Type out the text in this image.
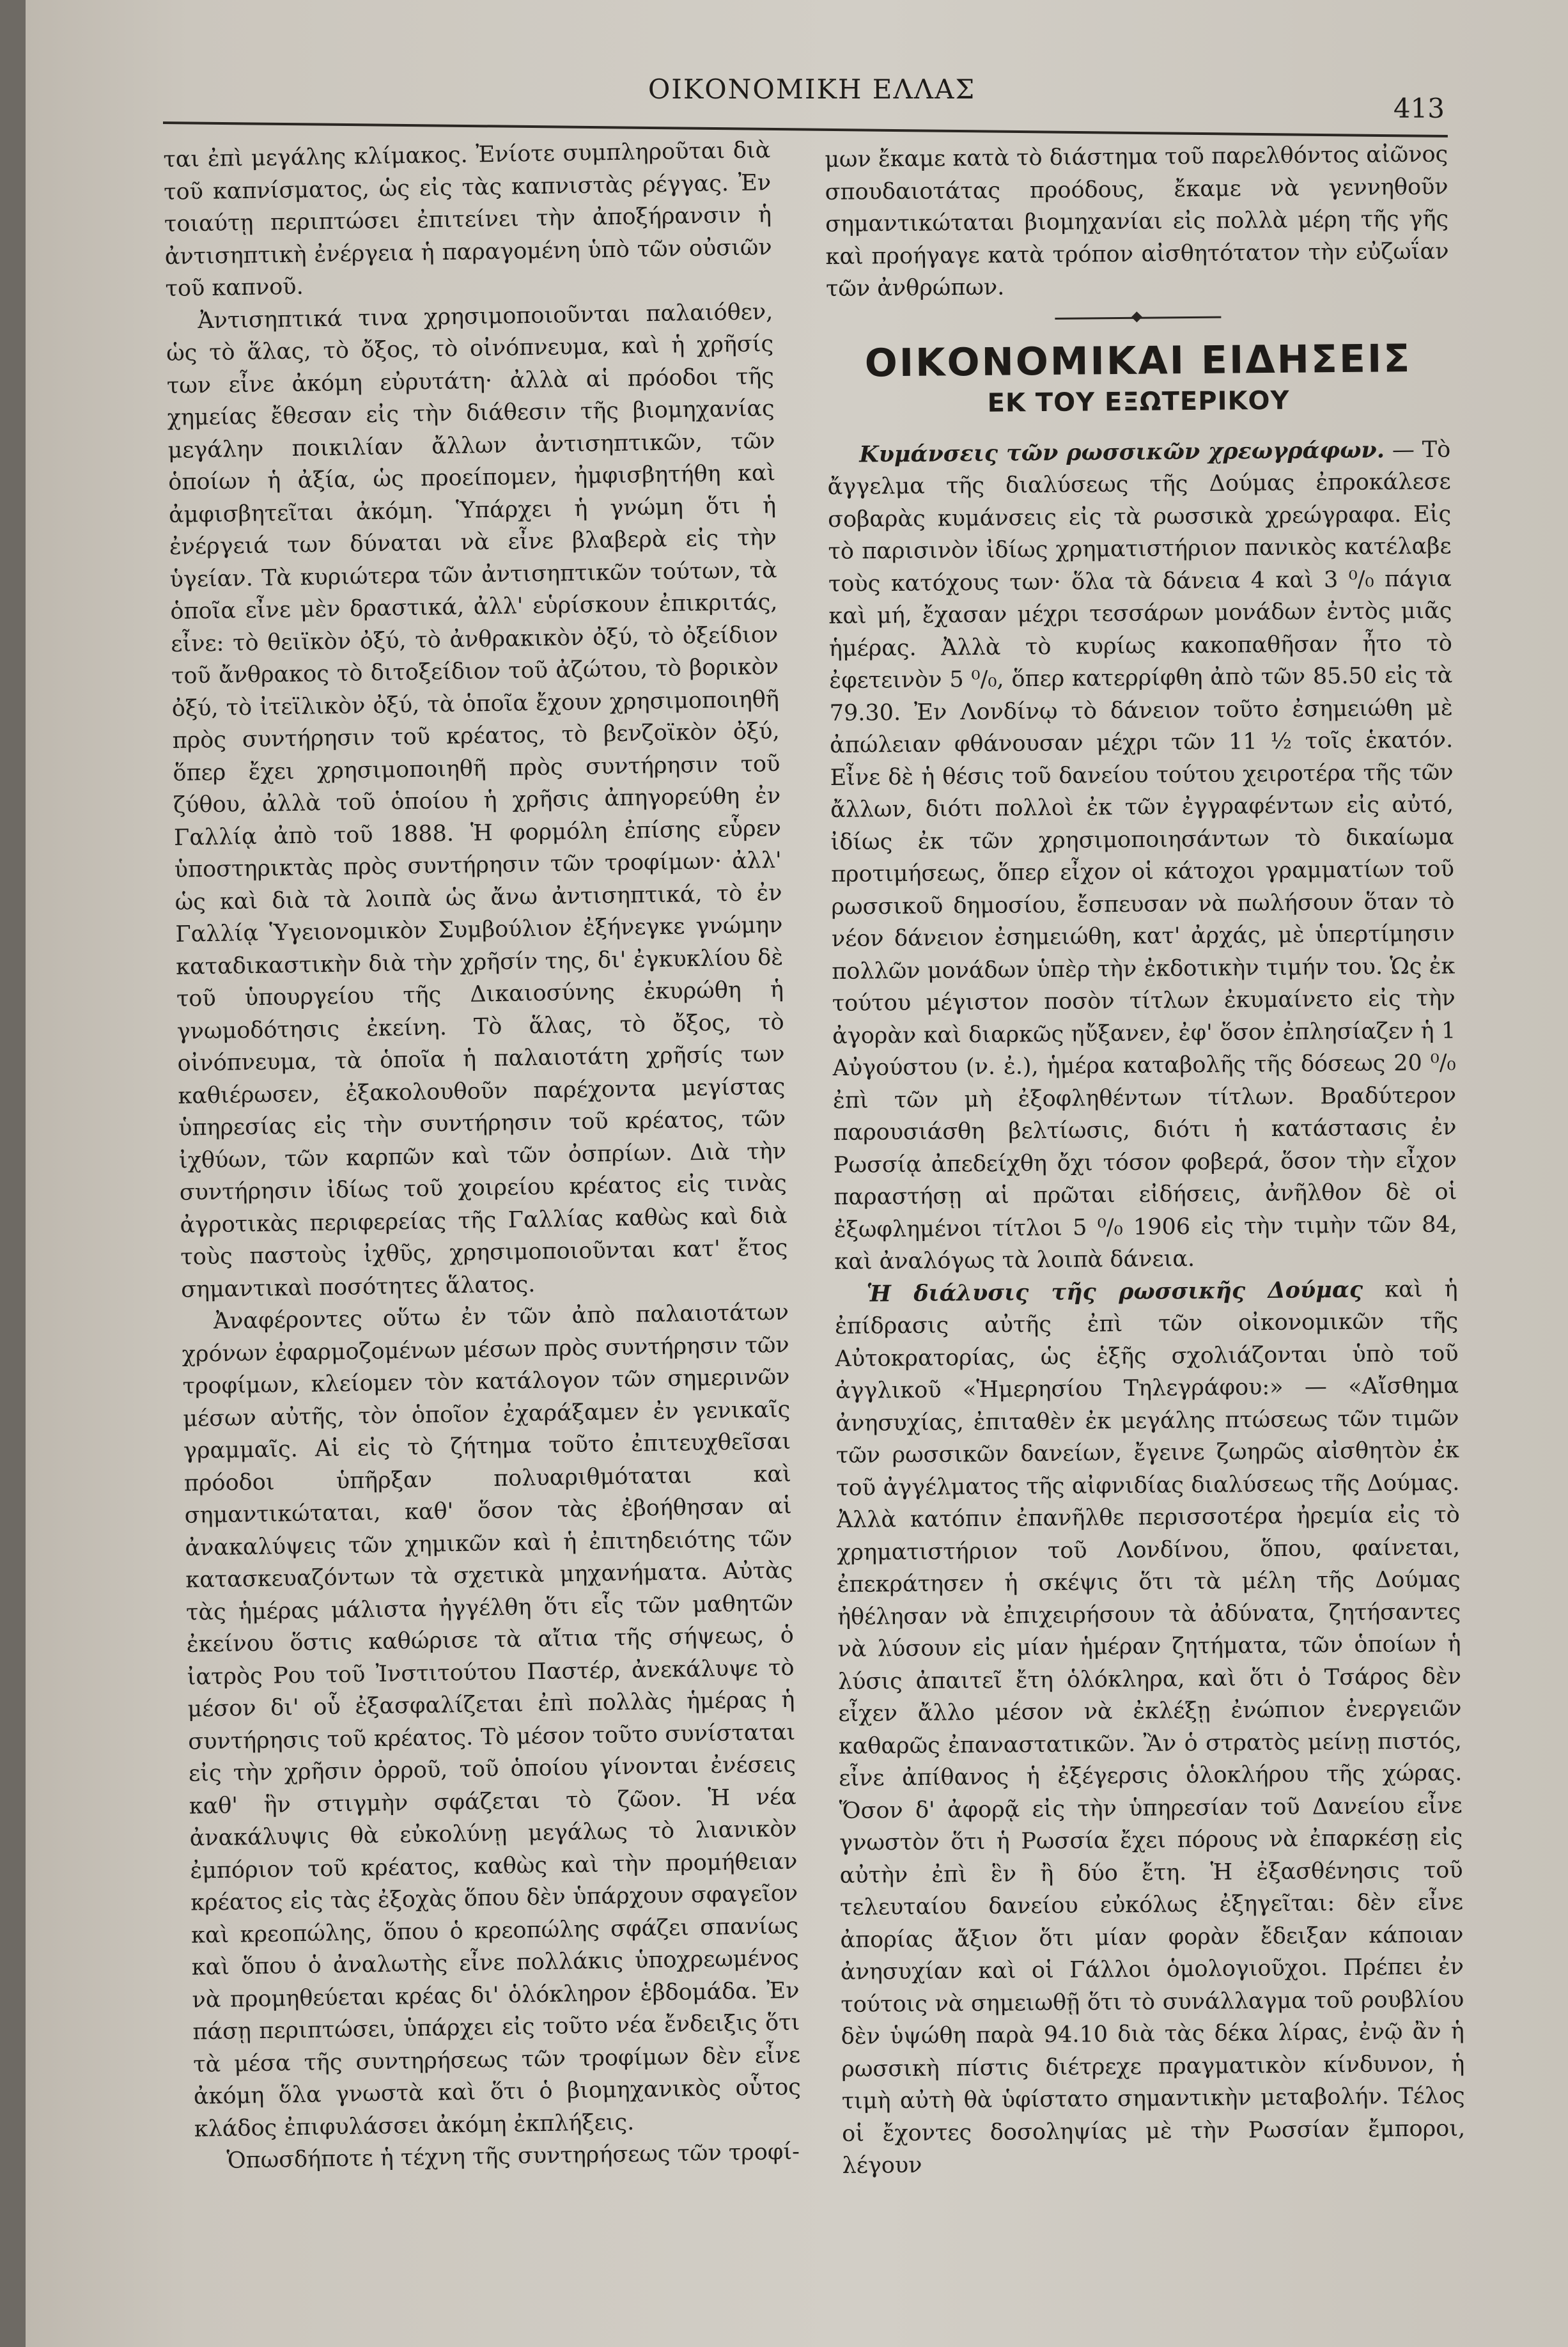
ΟΙΚΟΝΟΜΙΚΗ ΕΛΛΑΣ
413

ται ἐπὶ μεγάλης κλίμακος. Ἐνίοτε συμπληροῦται διὰ τοῦ καπνίσματος, ὡς εἰς τὰς καπνιστὰς ρέγγας. Ἐν τοιαύτῃ περιπτώσει ἐπιτείνει τὴν ἀποξήρανσιν ἡ ἀντισηπτικὴ ἐνέργεια ἡ παραγομένη ὑπὸ τῶν οὐσιῶν τοῦ καπνοῦ.

Ἀντισηπτικά τινα χρησιμοποιοῦνται παλαιόθεν, ὡς τὸ ἅλας, τὸ ὄξος, τὸ οἰνόπνευμα, καὶ ἡ χρῆσίς των εἶνε ἀκόμη εὐρυτάτη· ἀλλὰ αἱ πρόοδοι τῆς χημείας ἔθεσαν εἰς τὴν διάθεσιν τῆς βιομηχανίας μεγάλην ποικιλίαν ἄλλων ἀντισηπτικῶν, τῶν ὁποίων ἡ ἀξία, ὡς προείπομεν, ἠμφισβητήθη καὶ ἀμφισβητεῖται ἀκόμη. Ὑπάρχει ἡ γνώμη ὅτι ἡ ἐνέργειά των δύναται νὰ εἶνε βλαβερὰ εἰς τὴν ὑγείαν. Τὰ κυριώτερα τῶν ἀντισηπτικῶν τούτων, τὰ ὁποῖα εἶνε μὲν δραστικά, ἀλλ' εὑρίσκουν ἐπικριτάς, εἶνε: τὸ θειϊκὸν ὀξύ, τὸ ἀνθρακικὸν ὀξύ, τὸ ὀξείδιον τοῦ ἄνθρακος τὸ διτοξείδιον τοῦ ἀζώτου, τὸ βορικὸν ὀξύ, τὸ ἰτεϊλικὸν ὀξύ, τὰ ὁποῖα ἔχουν χρησιμοποιηθῆ πρὸς συντήρησιν τοῦ κρέατος, τὸ βενζοϊκὸν ὀξύ, ὅπερ ἔχει χρησιμοποιηθῆ πρὸς συντήρησιν τοῦ ζύθου, ἀλλὰ τοῦ ὁποίου ἡ χρῆσις ἀπηγορεύθη ἐν Γαλλίᾳ ἀπὸ τοῦ 1888. Ἡ φορμόλη ἐπίσης εὗρεν ὑποστηρικτὰς πρὸς συντήρησιν τῶν τροφίμων· ἀλλ' ὡς καὶ διὰ τὰ λοιπὰ ὡς ἄνω ἀντισηπτικά, τὸ ἐν Γαλλίᾳ Ὑγειονομικὸν Συμβούλιον ἐξήνεγκε γνώμην καταδικαστικὴν διὰ τὴν χρῆσίν της, δι' ἐγκυκλίου δὲ τοῦ ὑπουργείου τῆς Δικαιοσύνης ἐκυρώθη ἡ γνωμοδότησις ἐκείνη. Τὸ ἅλας, τὸ ὄξος, τὸ οἰνόπνευμα, τὰ ὁποῖα ἡ παλαιοτάτη χρῆσίς των καθιέρωσεν, ἐξακολουθοῦν παρέχοντα μεγίστας ὑπηρεσίας εἰς τὴν συντήρησιν τοῦ κρέατος, τῶν ἰχθύων, τῶν καρπῶν καὶ τῶν ὀσπρίων. Διὰ τὴν συντήρησιν ἰδίως τοῦ χοιρείου κρέατος εἰς τινὰς ἀγροτικὰς περιφερείας τῆς Γαλλίας καθὼς καὶ διὰ τοὺς παστοὺς ἰχθῦς, χρησιμοποιοῦνται κατ' ἔτος σημαντικαὶ ποσότητες ἅλατος.

Ἀναφέροντες οὕτω ἐν τῶν ἀπὸ παλαιοτάτων χρόνων ἐφαρμοζομένων μέσων πρὸς συντήρησιν τῶν τροφίμων, κλείομεν τὸν κατάλογον τῶν σημερινῶν μέσων αὐτῆς, τὸν ὁποῖον ἐχαράξαμεν ἐν γενικαῖς γραμμαῖς. Αἱ εἰς τὸ ζήτημα τοῦτο ἐπιτευχθεῖσαι πρόοδοι ὑπῆρξαν πολυαριθμόταται καὶ σημαντικώταται, καθ' ὅσον τὰς ἐβοήθησαν αἱ ἀνακαλύψεις τῶν χημικῶν καὶ ἡ ἐπιτηδειότης τῶν κατασκευαζόντων τὰ σχετικὰ μηχανήματα. Αὐτὰς τὰς ἡμέρας μάλιστα ἠγγέλθη ὅτι εἷς τῶν μαθητῶν ἐκείνου ὅστις καθώρισε τὰ αἴτια τῆς σήψεως, ὁ ἰατρὸς Ρου τοῦ Ἰνστιτούτου Παστέρ, ἀνεκάλυψε τὸ μέσον δι' οὗ ἐξασφαλίζεται ἐπὶ πολλὰς ἡμέρας ἡ συντήρησις τοῦ κρέατος. Τὸ μέσον τοῦτο συνίσταται εἰς τὴν χρῆσιν ὀρροῦ, τοῦ ὁποίου γίνονται ἐνέσεις καθ' ἣν στιγμὴν σφάζεται τὸ ζῶον. Ἡ νέα ἀνακάλυψις θὰ εὐκολύνῃ μεγάλως τὸ λιανικὸν ἐμπόριον τοῦ κρέατος, καθὼς καὶ τὴν προμήθειαν κρέατος εἰς τὰς ἐξοχὰς ὅπου δὲν ὑπάρχουν σφαγεῖον καὶ κρεοπώλης, ὅπου ὁ κρεοπώλης σφάζει σπανίως καὶ ὅπου ὁ ἀναλωτὴς εἶνε πολλάκις ὑποχρεωμένος νὰ προμηθεύεται κρέας δι' ὁλόκληρον ἑβδομάδα. Ἐν πάσῃ περιπτώσει, ὑπάρχει εἰς τοῦτο νέα ἔνδειξις ὅτι τὰ μέσα τῆς συντηρήσεως τῶν τροφίμων δὲν εἶνε ἀκόμη ὅλα γνωστὰ καὶ ὅτι ὁ βιομηχανικὸς οὗτος κλάδος ἐπιφυλάσσει ἀκόμη ἐκπλήξεις.

Ὁπωσδήποτε ἡ τέχνη τῆς συντηρήσεως τῶν τροφί-

μων ἔκαμε κατὰ τὸ διάστημα τοῦ παρελθόντος αἰῶνος σπουδαιοτάτας προόδους, ἔκαμε νὰ γεννηθοῦν σημαντικώταται βιομηχανίαι εἰς πολλὰ μέρη τῆς γῆς καὶ προήγαγε κατὰ τρόπον αἰσθητότατον τὴν εὐζωΐαν τῶν ἀνθρώπων.

ΟΙΚΟΝΟΜΙΚΑΙ ΕΙΔΗΣΕΙΣ
ΕΚ ΤΟΥ ΕΞΩΤΕΡΙΚΟΥ

Κυμάνσεις τῶν ρωσσικῶν χρεωγράφων. — Τὸ ἄγγελμα τῆς διαλύσεως τῆς Δούμας ἐπροκάλεσε σοβαρὰς κυμάνσεις εἰς τὰ ρωσσικὰ χρεώγραφα. Εἰς τὸ παρισινὸν ἰδίως χρηματιστήριον πανικὸς κατέλαβε τοὺς κατόχους των· ὅλα τὰ δάνεια 4 καὶ 3 ⁰/₀ πάγια καὶ μή, ἔχασαν μέχρι τεσσάρων μονάδων ἐντὸς μιᾶς ἡμέρας. Ἀλλὰ τὸ κυρίως κακοπαθῆσαν ἦτο τὸ ἐφετεινὸν 5 ⁰/₀, ὅπερ κατερρίφθη ἀπὸ τῶν 85.50 εἰς τὰ 79.30. Ἐν Λονδίνῳ τὸ δάνειον τοῦτο ἐσημειώθη μὲ ἀπώλειαν φθάνουσαν μέχρι τῶν 11 ½ τοῖς ἑκατόν. Εἶνε δὲ ἡ θέσις τοῦ δανείου τούτου χειροτέρα τῆς τῶν ἄλλων, διότι πολλοὶ ἐκ τῶν ἐγγραφέντων εἰς αὐτό, ἰδίως ἐκ τῶν χρησιμοποιησάντων τὸ δικαίωμα προτιμήσεως, ὅπερ εἶχον οἱ κάτοχοι γραμματίων τοῦ ρωσσικοῦ δημοσίου, ἔσπευσαν νὰ πωλήσουν ὅταν τὸ νέον δάνειον ἐσημειώθη, κατ' ἀρχάς, μὲ ὑπερτίμησιν πολλῶν μονάδων ὑπὲρ τὴν ἐκδοτικὴν τιμήν του. Ὡς ἐκ τούτου μέγιστον ποσὸν τίτλων ἐκυμαίνετο εἰς τὴν ἀγορὰν καὶ διαρκῶς ηὔξανεν, ἐφ' ὅσον ἐπλησίαζεν ἡ 1 Αὐγούστου (ν. ἐ.), ἡμέρα καταβολῆς τῆς δόσεως 20 ⁰/₀ ἐπὶ τῶν μὴ ἐξοφληθέντων τίτλων. Βραδύτερον παρουσιάσθη βελτίωσις, διότι ἡ κατάστασις ἐν Ρωσσίᾳ ἀπεδείχθη ὄχι τόσον φοβερά, ὅσον τὴν εἶχον παραστήσῃ αἱ πρῶται εἰδήσεις, ἀνῆλθον δὲ οἱ ἐξωφλημένοι τίτλοι 5 ⁰/₀ 1906 εἰς τὴν τιμὴν τῶν 84, καὶ ἀναλόγως τὰ λοιπὰ δάνεια.

Ἡ διάλυσις τῆς ρωσσικῆς Δούμας καὶ ἡ ἐπίδρασις αὐτῆς ἐπὶ τῶν οἰκονομικῶν τῆς Αὐτοκρατορίας, ὡς ἑξῆς σχολιάζονται ὑπὸ τοῦ ἀγγλικοῦ «Ἡμερησίου Τηλεγράφου:» — «Αἴσθημα ἀνησυχίας, ἐπιταθὲν ἐκ μεγάλης πτώσεως τῶν τιμῶν τῶν ρωσσικῶν δανείων, ἔγεινε ζωηρῶς αἰσθητὸν ἐκ τοῦ ἀγγέλματος τῆς αἰφνιδίας διαλύσεως τῆς Δούμας. Ἀλλὰ κατόπιν ἐπανῆλθε περισσοτέρα ἠρεμία εἰς τὸ χρηματιστήριον τοῦ Λονδίνου, ὅπου, φαίνεται, ἐπεκράτησεν ἡ σκέψις ὅτι τὰ μέλη τῆς Δούμας ἠθέλησαν νὰ ἐπιχειρήσουν τὰ ἀδύνατα, ζητήσαντες νὰ λύσουν εἰς μίαν ἡμέραν ζητήματα, τῶν ὁποίων ἡ λύσις ἀπαιτεῖ ἔτη ὁλόκληρα, καὶ ὅτι ὁ Τσάρος δὲν εἶχεν ἄλλο μέσον νὰ ἐκλέξῃ ἐνώπιον ἐνεργειῶν καθαρῶς ἐπαναστατικῶν. Ἂν ὁ στρατὸς μείνῃ πιστός, εἶνε ἀπίθανος ἡ ἐξέγερσις ὁλοκλήρου τῆς χώρας. Ὅσον δ' ἀφορᾷ εἰς τὴν ὑπηρεσίαν τοῦ Δανείου εἶνε γνωστὸν ὅτι ἡ Ρωσσία ἔχει πόρους νὰ ἐπαρκέσῃ εἰς αὐτὴν ἐπὶ ἓν ἢ δύο ἔτη. Ἡ ἐξασθένησις τοῦ τελευταίου δανείου εὐκόλως ἐξηγεῖται: δὲν εἶνε ἀπορίας ἄξιον ὅτι μίαν φορὰν ἔδειξαν κάποιαν ἀνησυχίαν καὶ οἱ Γάλλοι ὁμολογιοῦχοι. Πρέπει ἐν τούτοις νὰ σημειωθῇ ὅτι τὸ συνάλλαγμα τοῦ ρουβλίου δὲν ὑψώθη παρὰ 94.10 διὰ τὰς δέκα λίρας, ἐνῷ ἂν ἡ ρωσσικὴ πίστις διέτρεχε πραγματικὸν κίνδυνον, ἡ τιμὴ αὐτὴ θὰ ὑφίστατο σημαντικὴν μεταβολήν. Τέλος οἱ ἔχοντες δοσοληψίας μὲ τὴν Ρωσσίαν ἔμποροι, λέγουν
